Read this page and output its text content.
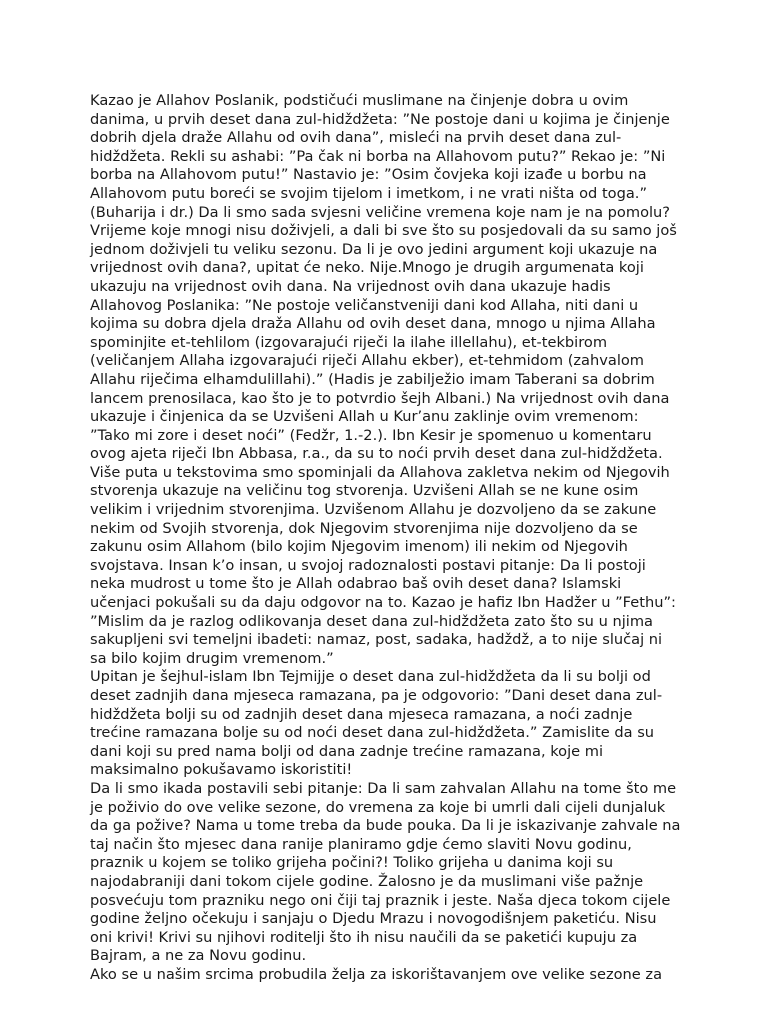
Kazao je Allahov Poslanik, podstičući muslimane na činjenje dobra u ovim
danima, u prvih deset dana zul-hidždžeta: ”Ne postoje dani u kojima je činjenje
dobrih djela draže Allahu od ovih dana”, misleći na prvih deset dana zul-
hidždžeta. Rekli su ashabi: ”Pa čak ni borba na Allahovom putu?” Rekao je: ”Ni
borba na Allahovom putu!” Nastavio je: ”Osim čovjeka koji izađe u borbu na
Allahovom putu boreći se svojim tijelom i imetkom, i ne vrati ništa od toga.”
(Buharija i dr.) Da li smo sada svjesni veličine vremena koje nam je na pomolu?
Vrijeme koje mnogi nisu doživjeli, a dali bi sve što su posjedovali da su samo još
jednom doživjeli tu veliku sezonu. Da li je ovo jedini argument koji ukazuje na
vrijednost ovih dana?, upitat će neko. Nije.Mnogo je drugih argumenata koji
ukazuju na vrijednost ovih dana. Na vrijednost ovih dana ukazuje hadis
Allahovog Poslanika: ”Ne postoje veličanstveniji dani kod Allaha, niti dani u
kojima su dobra djela draža Allahu od ovih deset dana, mnogo u njima Allaha
spominjite et-tehlilom (izgovarajući riječi la ilahe illellahu), et-tekbirom
(veličanjem Allaha izgovarajući riječi Allahu ekber), et-tehmidom (zahvalom
Allahu riječima elhamdulillahi).” (Hadis je zabilježio imam Taberani sa dobrim
lancem prenosilaca, kao što je to potvrdio šejh Albani.) Na vrijednost ovih dana
ukazuje i činjenica da se Uzvišeni Allah u Kur’anu zaklinje ovim vremenom:
”Tako mi zore i deset noći” (Fedžr, 1.-2.). Ibn Kesir je spomenuo u komentaru
ovog ajeta riječi Ibn Abbasa, r.a., da su to noći prvih deset dana zul-hidždžeta.
Više puta u tekstovima smo spominjali da Allahova zakletva nekim od Njegovih
stvorenja ukazuje na veličinu tog stvorenja. Uzvišeni Allah se ne kune osim
velikim i vrijednim stvorenjima. Uzvišenom Allahu je dozvoljeno da se zakune
nekim od Svojih stvorenja, dok Njegovim stvorenjima nije dozvoljeno da se
zakunu osim Allahom (bilo kojim Njegovim imenom) ili nekim od Njegovih
svojstava. Insan k’o insan, u svojoj radoznalosti postavi pitanje: Da li postoji
neka mudrost u tome što je Allah odabrao baš ovih deset dana? Islamski
učenjaci pokušali su da daju odgovor na to. Kazao je hafiz Ibn Hadžer u ”Fethu”:
”Mislim da je razlog odlikovanja deset dana zul-hidždžeta zato što su u njima
sakupljeni svi temeljni ibadeti: namaz, post, sadaka, hadždž, a to nije slučaj ni
sa bilo kojim drugim vremenom.”

Upitan je šejhul-islam Ibn Tejmijje o deset dana zul-hidždžeta da li su bolji od
deset zadnjih dana mjeseca ramazana, pa je odgovorio: ”Dani deset dana zul-
hidždžeta bolji su od zadnjih deset dana mjeseca ramazana, a noći zadnje
trećine ramazana bolje su od noći deset dana zul-hidždžeta.” Zamislite da su
dani koji su pred nama bolji od dana zadnje trećine ramazana, koje mi
maksimalno pokušavamo iskoristiti!

Da li smo ikada postavili sebi pitanje: Da li sam zahvalan Allahu na tome što me
je poživio do ove velike sezone, do vremena za koje bi umrli dali cijeli dunjaluk
da ga požive? Nama u tome treba da bude pouka. Da li je iskazivanje zahvale na
taj način što mjesec dana ranije planiramo gdje ćemo slaviti Novu godinu,
praznik u kojem se toliko grijeha počini?! Toliko grijeha u danima koji su
najodabraniji dani tokom cijele godine. Žalosno je da muslimani više pažnje
posvećuju tom prazniku nego oni čiji taj praznik i jeste. Naša djeca tokom cijele
godine željno očekuju i sanjaju o Djedu Mrazu i novogodišnjem paketiću. Nisu
oni krivi! Krivi su njihovi roditelji što ih nisu naučili da se paketići kupuju za
Bajram, a ne za Novu godinu.

Ako se u našim srcima probudila želja za iskorištavanjem ove velike sezone za
